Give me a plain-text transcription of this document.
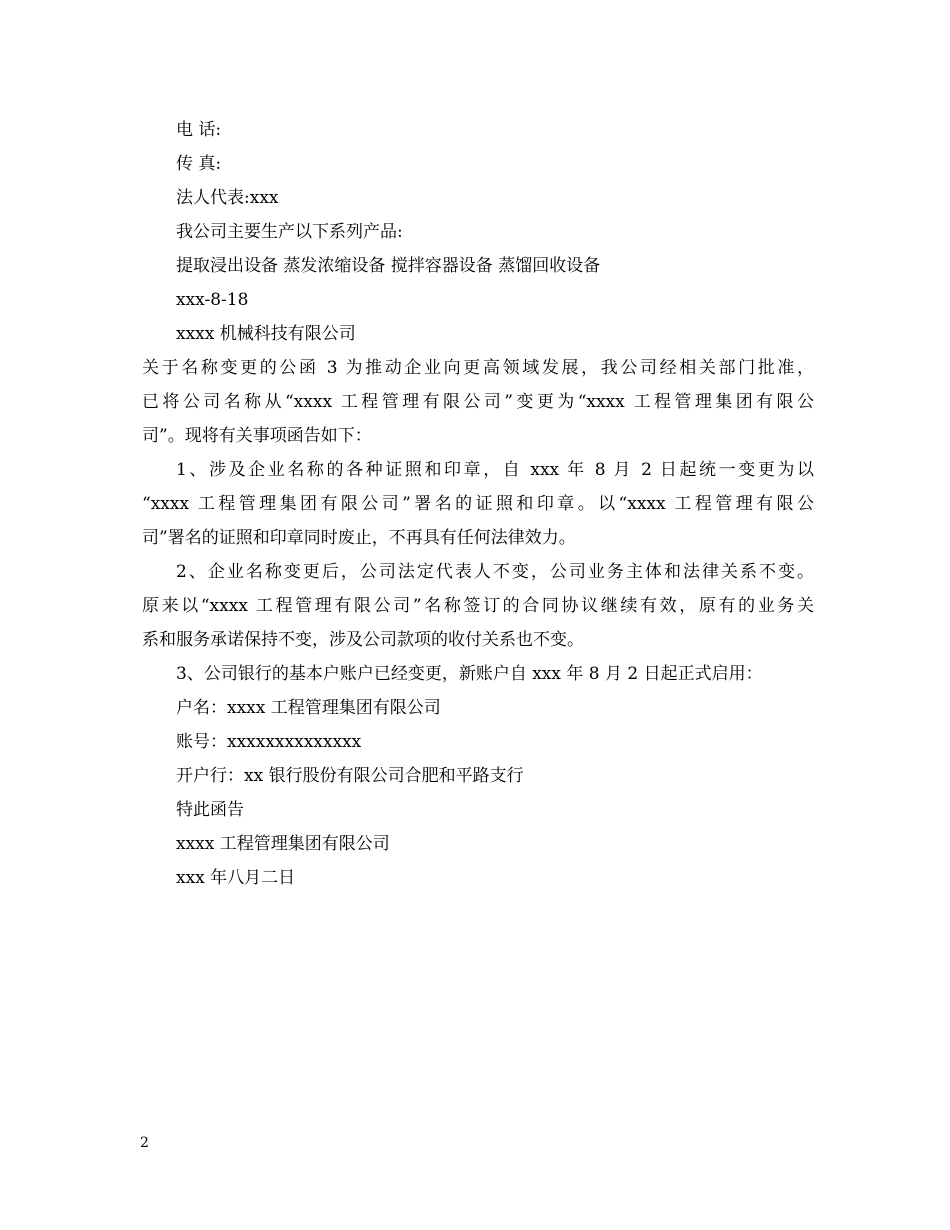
电 话:
传 真:
法人代表:xxx
我公司主要生产以下系列产品:
提取浸出设备 蒸发浓缩设备 搅拌容器设备 蒸馏回收设备
xxx-8-18
xxxx 机械科技有限公司
关于名称变更的公函 3 为推动企业向更高领域发展，我公司经相关部门批准，
已将公司名称从“xxxx 工程管理有限公司”变更为“xxxx 工程管理集团有限公
司”。现将有关事项函告如下：
1、涉及企业名称的各种证照和印章，自 xxx 年 8 月 2 日起统一变更为以
“xxxx 工程管理集团有限公司”署名的证照和印章。以“xxxx 工程管理有限公
司”署名的证照和印章同时废止，不再具有任何法律效力。
2、企业名称变更后，公司法定代表人不变，公司业务主体和法律关系不变。
原来以“xxxx 工程管理有限公司”名称签订的合同协议继续有效，原有的业务关
系和服务承诺保持不变，涉及公司款项的收付关系也不变。
3、公司银行的基本户账户已经变更，新账户自 xxx 年 8 月 2 日起正式启用：
户名：xxxx 工程管理集团有限公司
账号：xxxxxxxxxxxxxx
开户行：xx 银行股份有限公司合肥和平路支行
特此函告
xxxx 工程管理集团有限公司
xxx 年八月二日
2
